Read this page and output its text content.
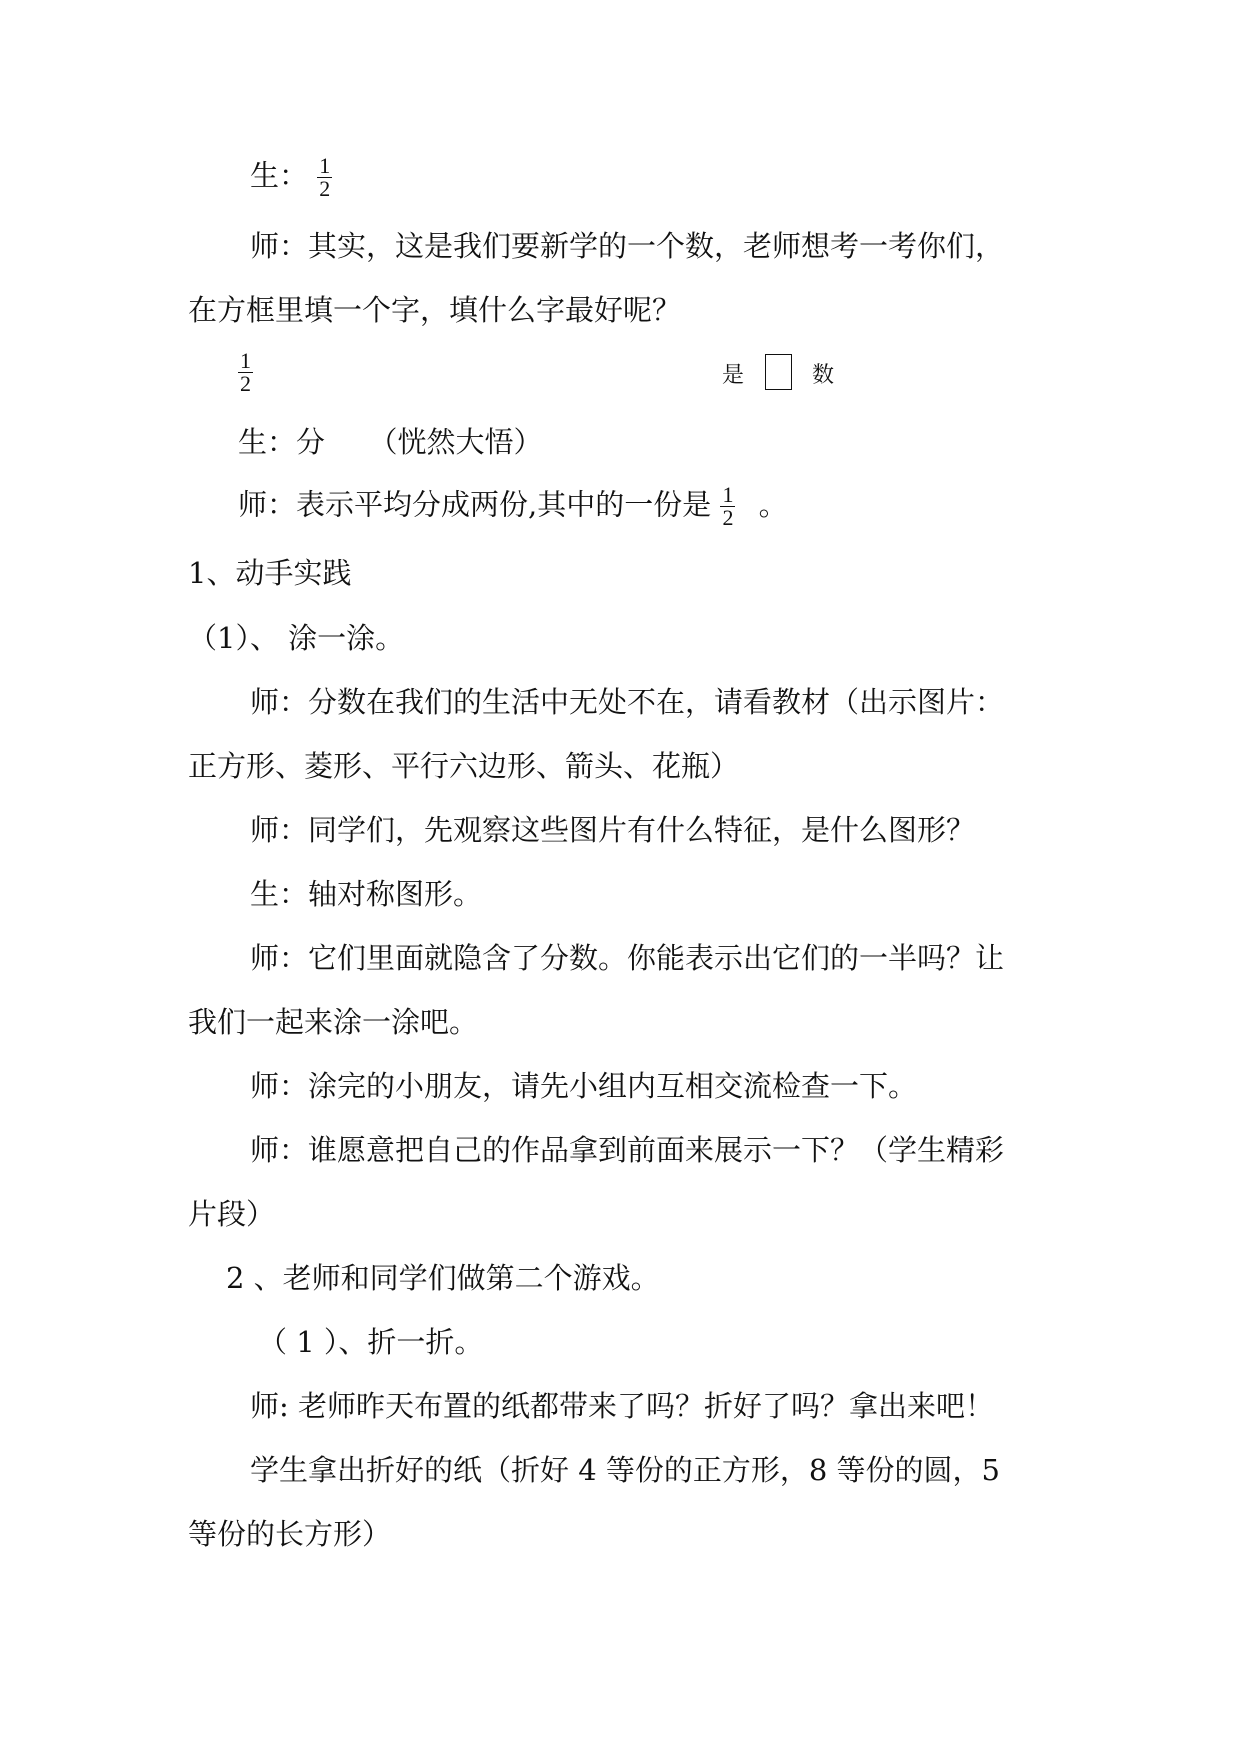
生： $\frac{1}{2}$
师：其实，这是我们要新学的一个数，老师想考一考你们，
在方框里填一个字，填什么字最好呢？
$\frac{1}{2}$	是	数
生：分　　（恍然大悟）
师：表示平均分成两份,其中的一份是 $\frac{1}{2}$ 。
1、动手实践
（1）、 涂一涂。
师：分数在我们的生活中无处不在，请看教材（出示图片：
正方形、菱形、平行六边形、箭头、花瓶）
师：同学们，先观察这些图片有什么特征，是什么图形？
生：轴对称图形。
师：它们里面就隐含了分数。你能表示出它们的一半吗？让
我们一起来涂一涂吧。
师：涂完的小朋友，请先小组内互相交流检查一下。
师：谁愿意把自己的作品拿到前面来展示一下？（学生精彩
片段）
2 、老师和同学们做第二个游戏。
（ 1 ）、折一折。
师: 老师昨天布置的纸都带来了吗？折好了吗？拿出来吧！
学生拿出折好的纸（折好 4 等份的正方形，8 等份的圆，5
等份的长方形）
